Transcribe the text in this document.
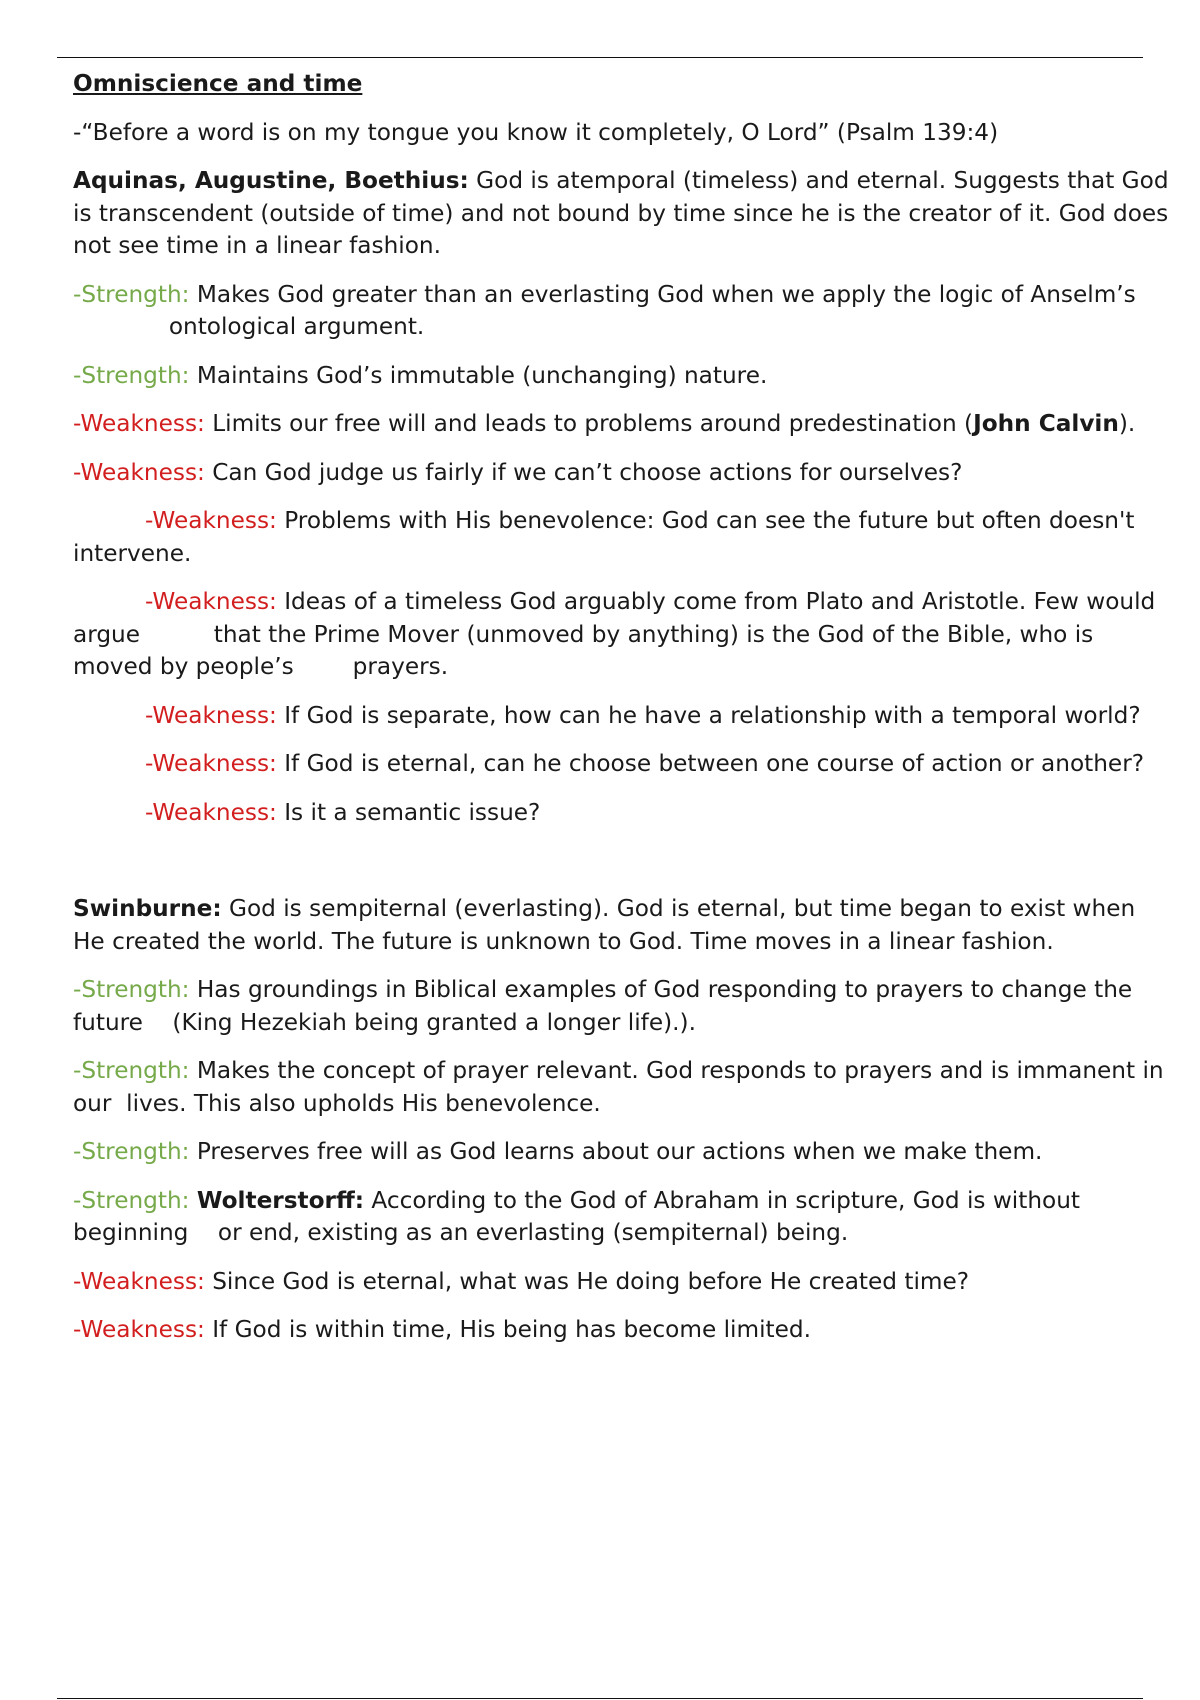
Omniscience and time

-“Before a word is on my tongue you know it completely, O Lord” (Psalm 139:4)

Aquinas, Augustine, Boethius: God is atemporal (timeless) and eternal. Suggests that God is transcendent (outside of time) and not bound by time since he is the creator of it. God does not see time in a linear fashion.

-Strength: Makes God greater than an everlasting God when we apply the logic of Anselm’s              ontological argument.

-Strength: Maintains God’s immutable (unchanging) nature.

-Weakness: Limits our free will and leads to problems around predestination (John Calvin).

-Weakness: Can God judge us fairly if we can’t choose actions for ourselves?

-Weakness: Problems with His benevolence: God can see the future but often doesn't intervene.

-Weakness: Ideas of a timeless God arguably come from Plato and Aristotle. Few would argue          that the Prime Mover (unmoved by anything) is the God of the Bible, who is moved by people’s        prayers.

-Weakness: If God is separate, how can he have a relationship with a temporal world?

-Weakness: If God is eternal, can he choose between one course of action or another?

-Weakness: Is it a semantic issue?

Swinburne: God is sempiternal (everlasting). God is eternal, but time began to exist when He created the world. The future is unknown to God. Time moves in a linear fashion.

-Strength: Has groundings in Biblical examples of God responding to prayers to change the future    (King Hezekiah being granted a longer life).).

-Strength: Makes the concept of prayer relevant. God responds to prayers and is immanent in our  lives. This also upholds His benevolence.

-Strength: Preserves free will as God learns about our actions when we make them.

-Strength: Wolterstorff: According to the God of Abraham in scripture, God is without beginning    or end, existing as an everlasting (sempiternal) being.

-Weakness: Since God is eternal, what was He doing before He created time?

-Weakness: If God is within time, His being has become limited.
